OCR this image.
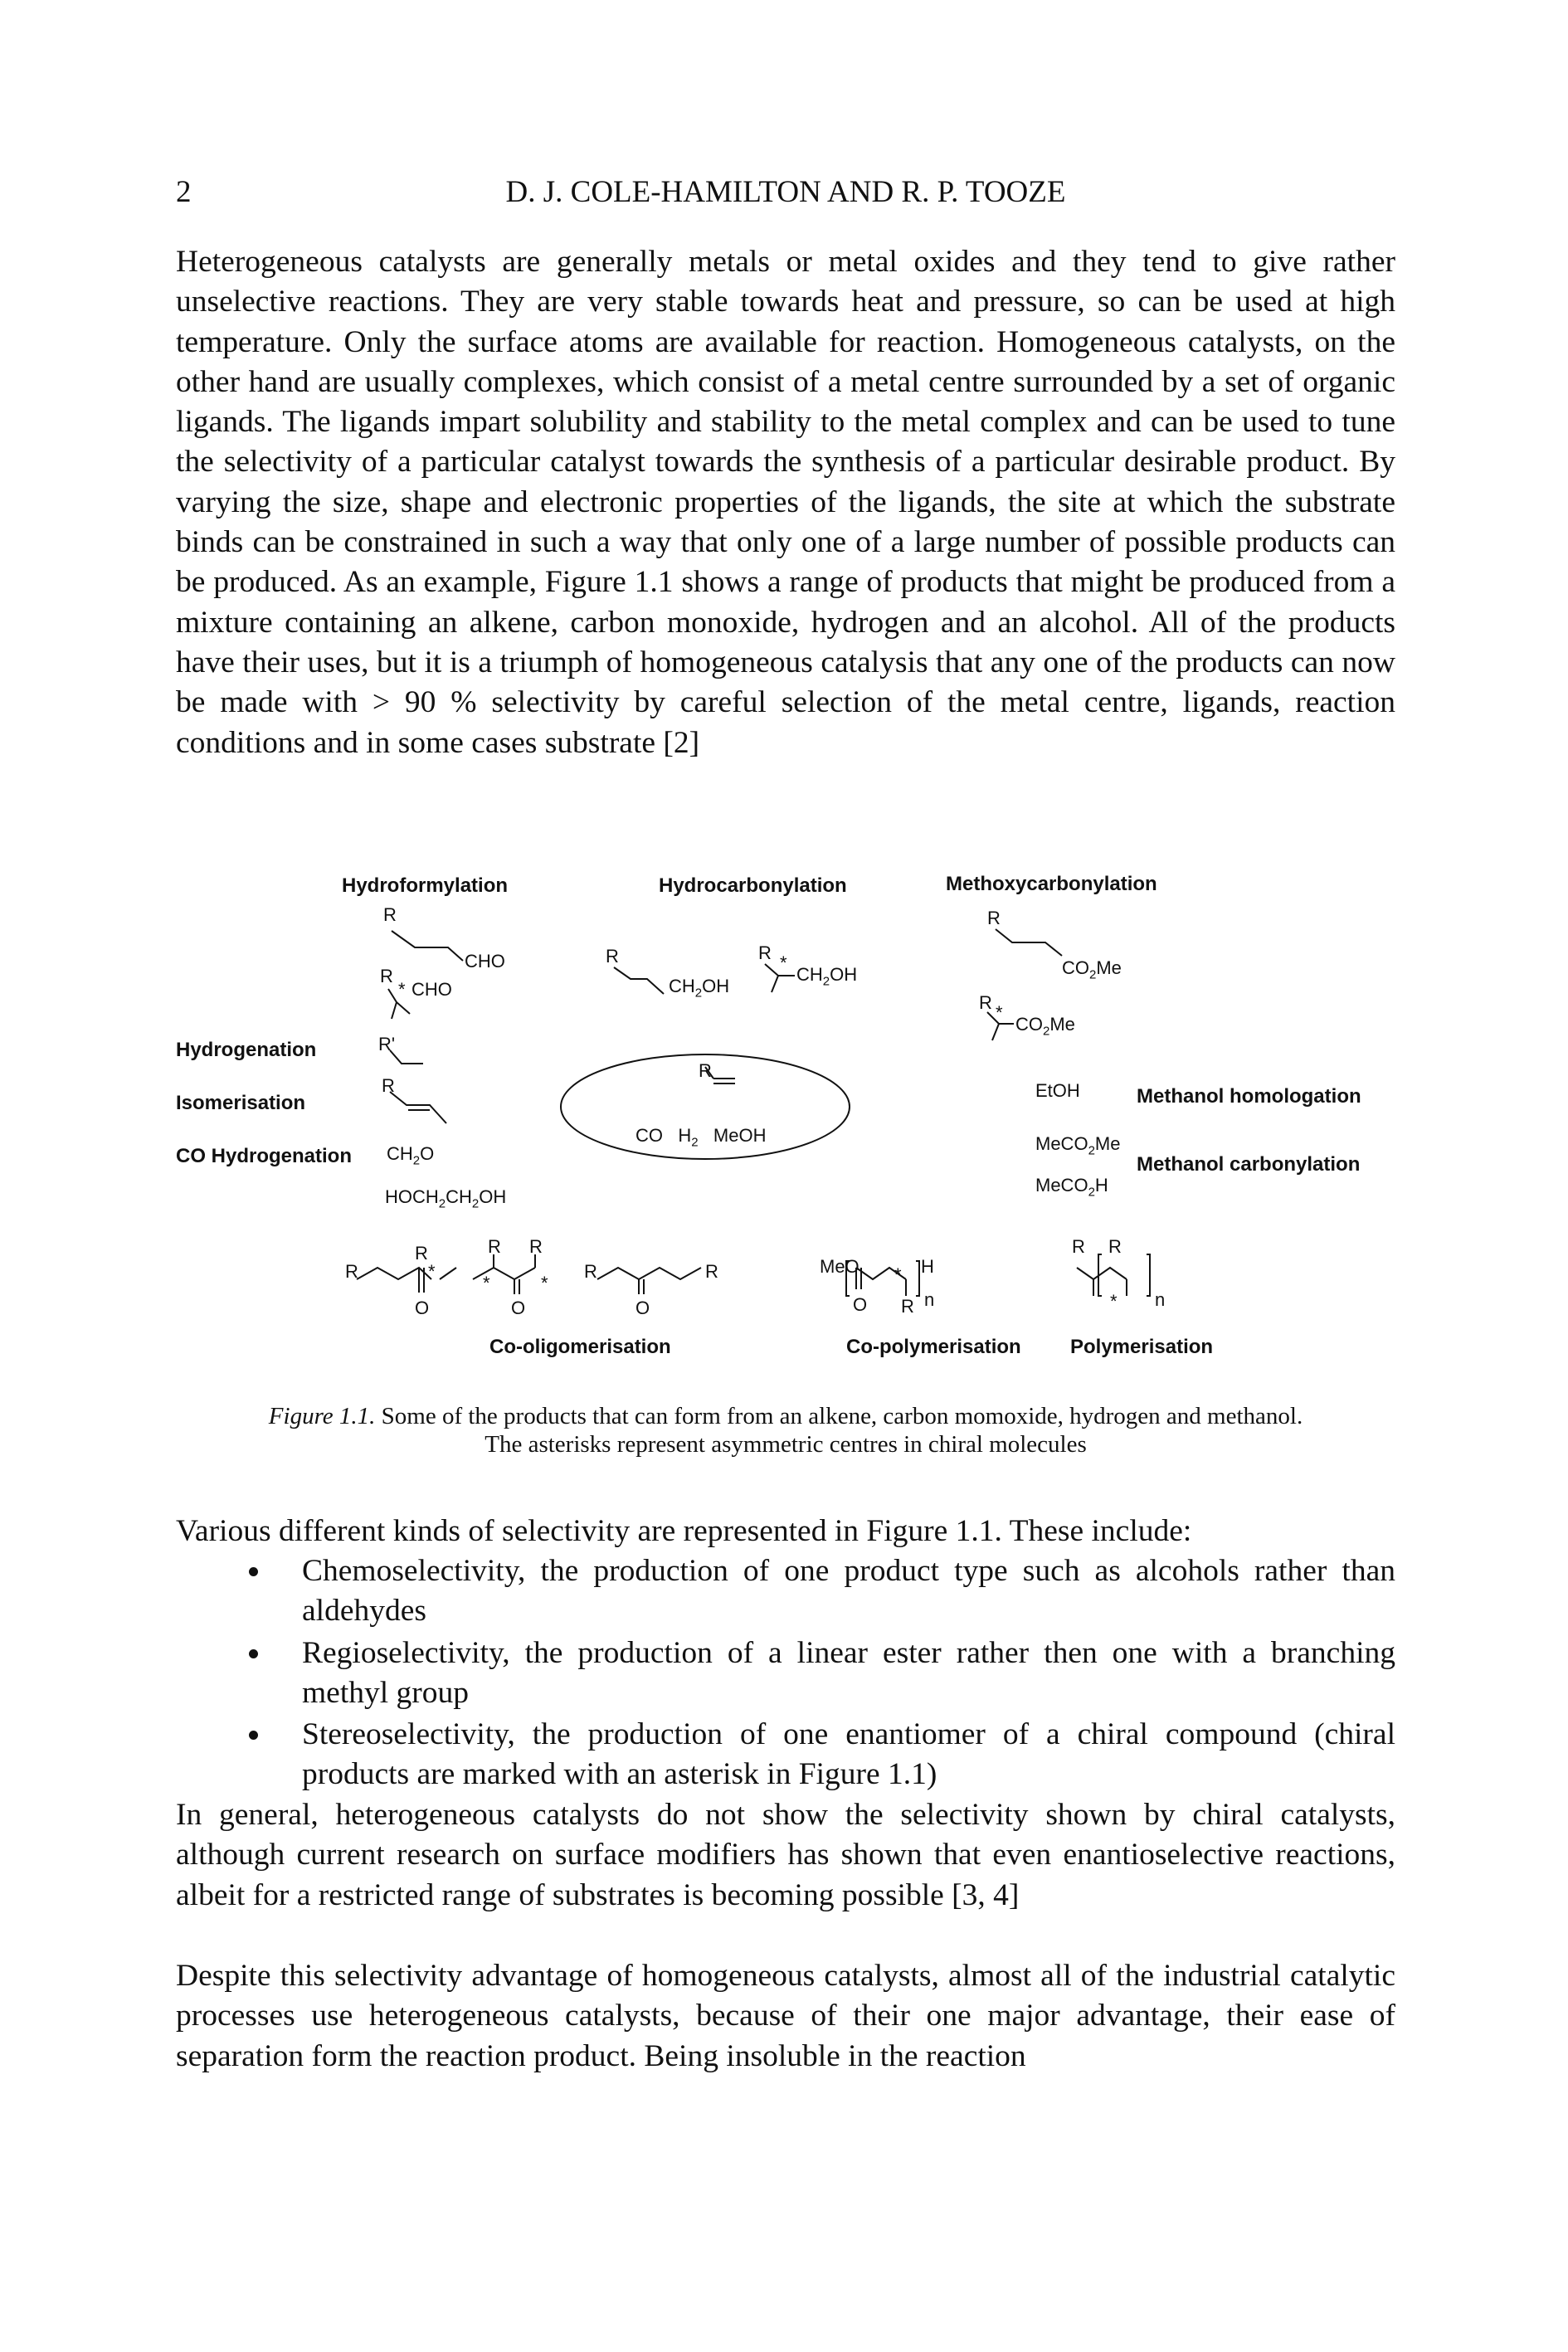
2	D. J. COLE-HAMILTON AND R. P. TOOZE

Heterogeneous catalysts are generally metals or metal oxides and they tend to give rather unselective reactions. They are very stable towards heat and pressure, so can be used at high temperature. Only the surface atoms are available for reaction. Homogeneous catalysts, on the other hand are usually complexes, which consist of a metal centre surrounded by a set of organic ligands. The ligands impart solubility and stability to the metal complex and can be used to tune the selectivity of a particular catalyst towards the synthesis of a particular desirable product. By varying the size, shape and electronic properties of the ligands, the site at which the substrate binds can be constrained in such a way that only one of a large number of possible products can be produced. As an example, Figure 1.1 shows a range of products that might be produced from a mixture containing an alkene, carbon monoxide, hydrogen and an alcohol. All of the products have their uses, but it is a triumph of homogeneous catalysis that any one of the products can now be made with > 90 % selectivity by careful selection of the metal centre, ligands, reaction conditions and in some cases substrate [2]

Hydroformylation	Hydrocarbonylation	Methoxycarbonylation
Hydrogenation
Isomerisation
CO Hydrogenation
Methanol homologation
Methanol carbonylation
Co-oligomerisation	Co-polymerisation Polymerisation
R
CHO
R
* CHO
R'
R
$CH_2O$
$HOCH_2CH_2OH$
R
$CH_2OH$
R *
$CH_2OH$
R
$CO_2Me$
R *
$CO_2Me$
EtOH
MeCO$_2$Me
MeCO$_2$H
R
CO   $H_2$   MeOH
R
R
*
O
R R
*	*
O
R	R
O
MeO	H
*
O R n
R R
* n
Figure 1.1. Some of the products that can form from an alkene, carbon momoxide, hydrogen and methanol.
The asterisks represent asymmetric centres in chiral molecules

Various different kinds of selectivity are represented in Figure 1.1. These include:

Chemoselectivity, the production of one product type such as alcohols rather than aldehydes
Regioselectivity, the production of a linear ester rather then one with a branching methyl group
Stereoselectivity, the production of one enantiomer of a chiral compound (chiral products are marked with an asterisk in Figure 1.1)

In general, heterogeneous catalysts do not show the selectivity shown by chiral catalysts, although current research on surface modifiers has shown that even enantioselective reactions, albeit for a restricted range of substrates is becoming possible [3, 4]

Despite this selectivity advantage of homogeneous catalysts, almost all of the industrial catalytic processes use heterogeneous catalysts, because of their one major advantage, their ease of separation form the reaction product. Being insoluble in the reaction
